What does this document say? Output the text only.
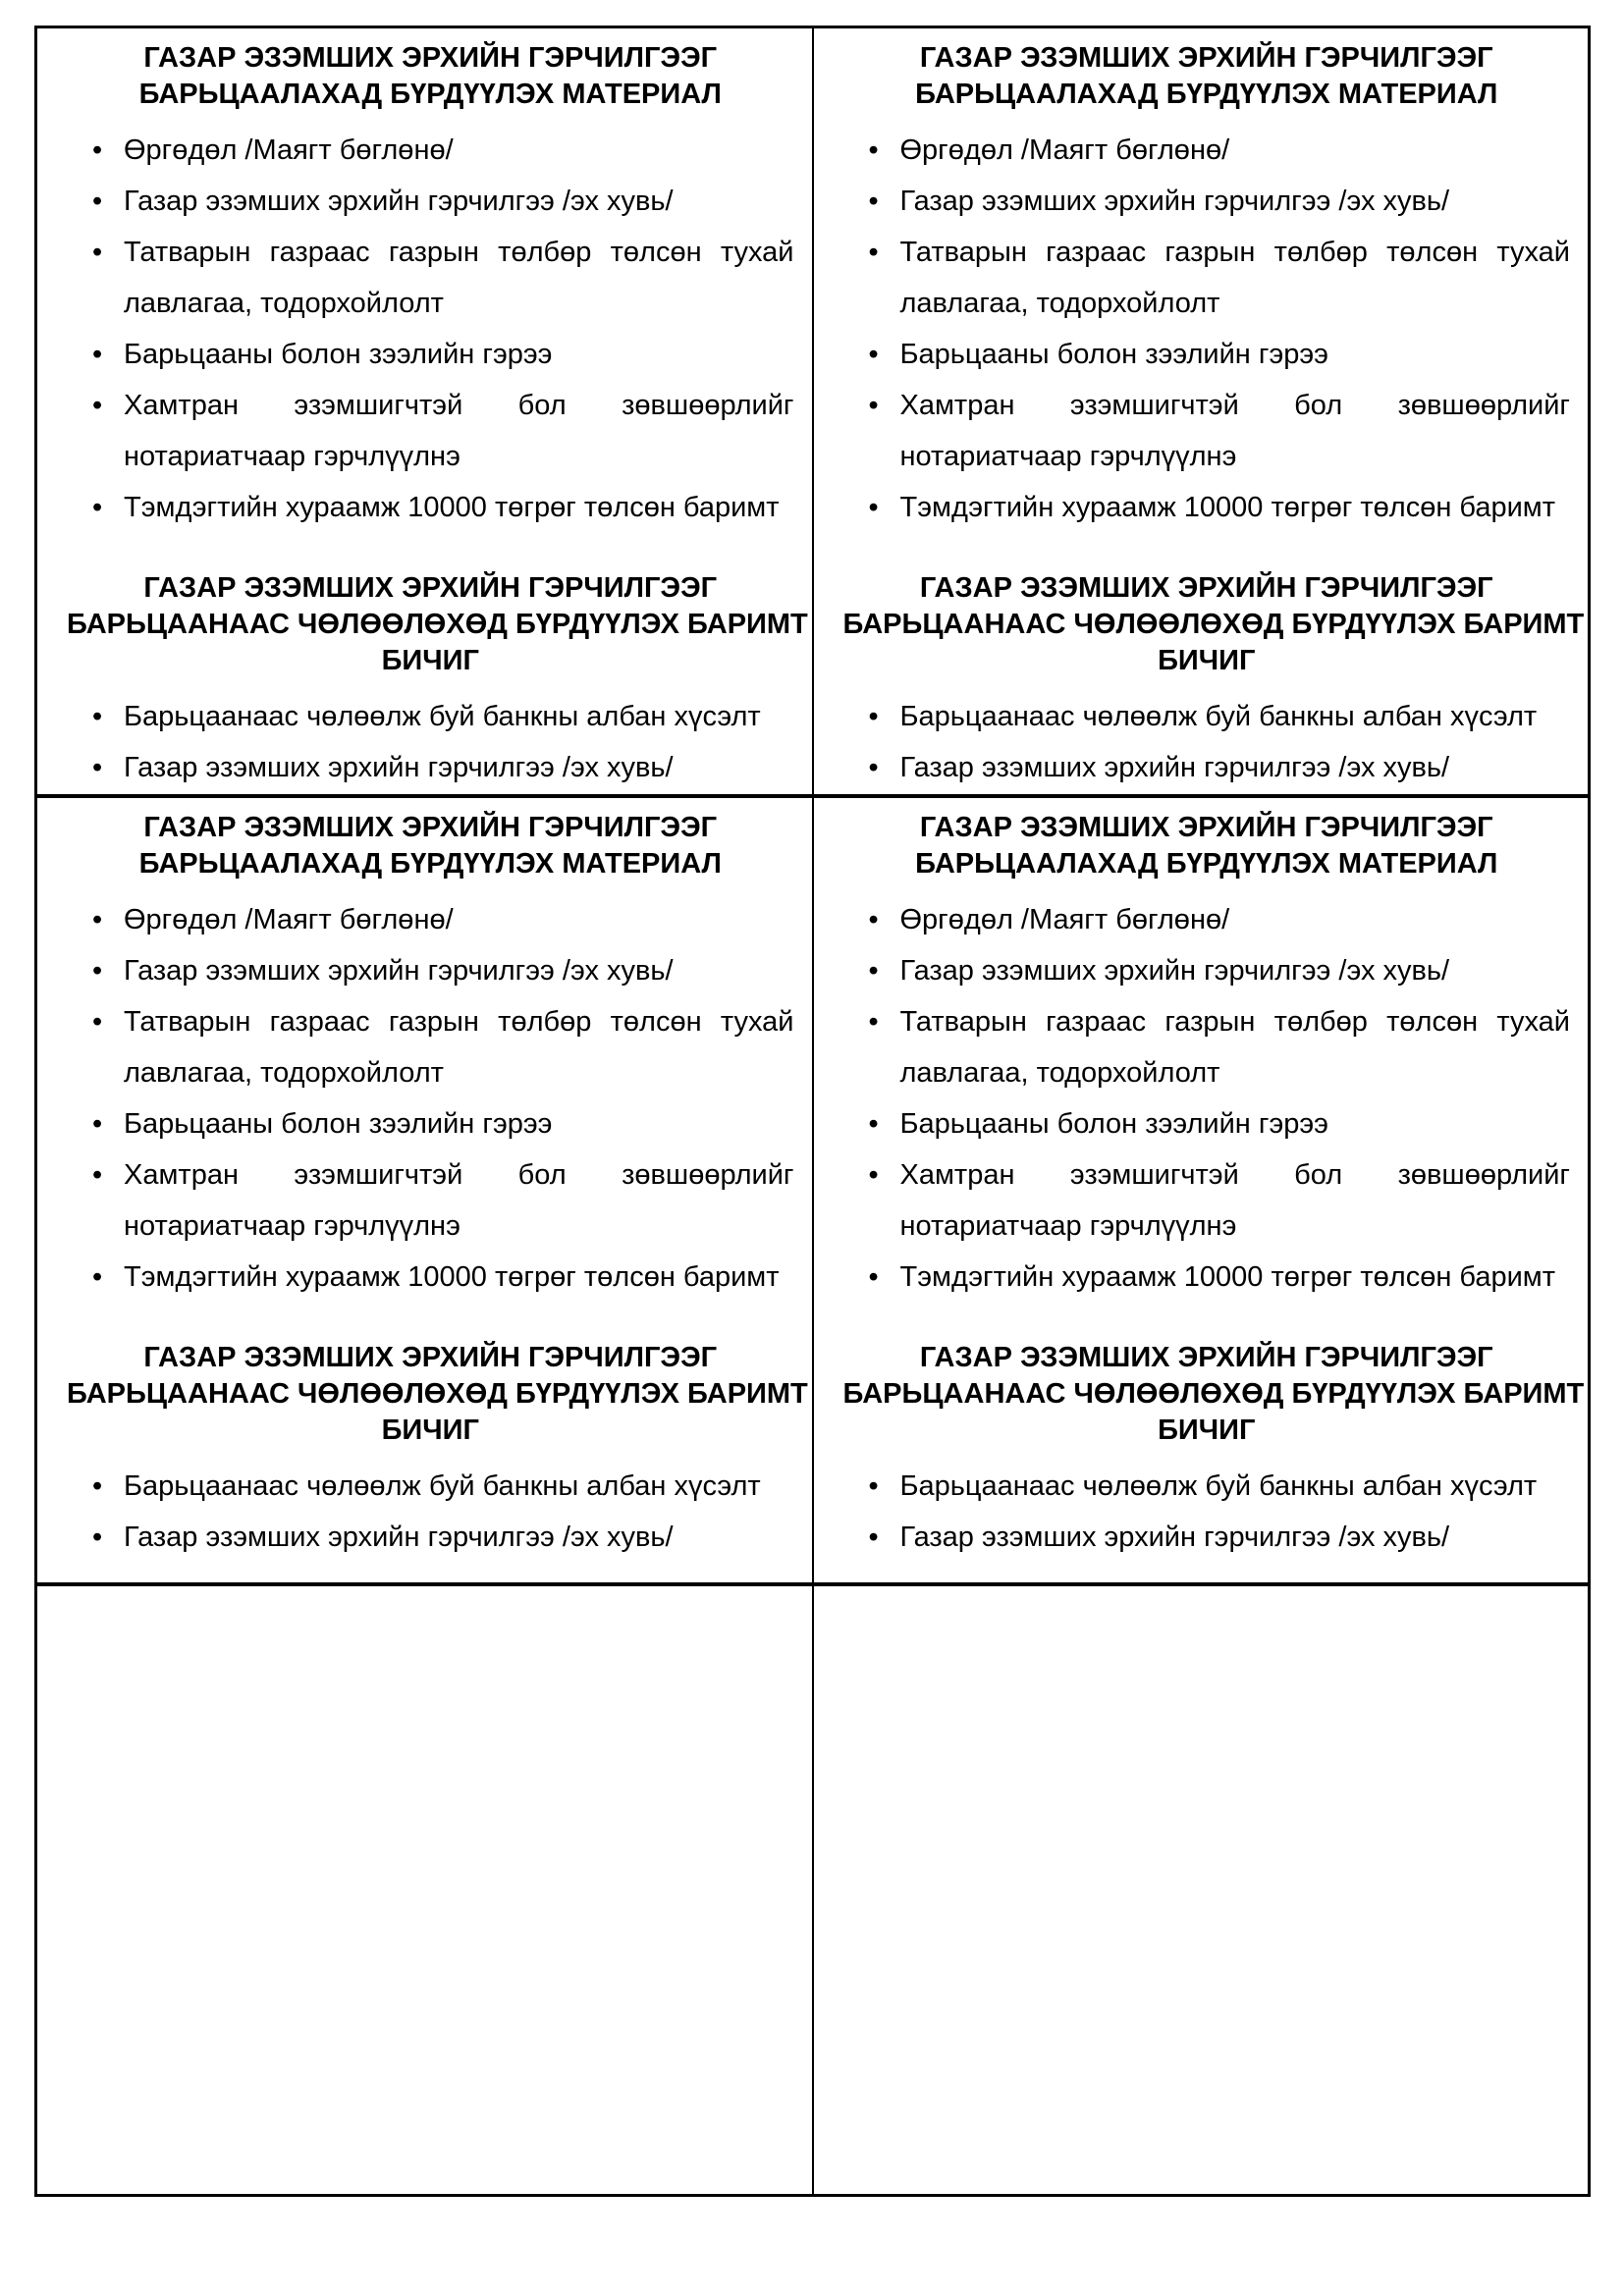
ГАЗАР ЭЗЭМШИХ ЭРХИЙН ГЭРЧИЛГЭЭГ
БАРЬЦААЛАХАД БҮРДҮҮЛЭХ МАТЕРИАЛ
• Өргөдөл /Маягт бөглөнө/
• Газар эзэмших эрхийн гэрчилгээ /эх хувь/
• Татварын газраас газрын төлбөр төлсөн тухай лавлагаа, тодорхойлолт
• Барьцааны болон зээлийн гэрээ
• Хамтран эзэмшигчтэй бол зөвшөөрлийг нотариатчаар гэрчлүүлнэ
• Тэмдэгтийн хураамж 10000 төгрөг төлсөн баримт
ГАЗАР ЭЗЭМШИХ ЭРХИЙН ГЭРЧИЛГЭЭГ
БАРЬЦААНААС ЧӨЛӨӨЛӨХӨД БҮРДҮҮЛЭХ БАРИМТ
БИЧИГ
• Барьцаанаас чөлөөлж буй банкны албан хүсэлт
• Газар эзэмших эрхийн гэрчилгээ /эх хувь/
ГАЗАР ЭЗЭМШИХ ЭРХИЙН ГЭРЧИЛГЭЭГ
БАРЬЦААЛАХАД БҮРДҮҮЛЭХ МАТЕРИАЛ
• Өргөдөл /Маягт бөглөнө/
• Газар эзэмших эрхийн гэрчилгээ /эх хувь/
• Татварын газраас газрын төлбөр төлсөн тухай лавлагаа, тодорхойлолт
• Барьцааны болон зээлийн гэрээ
• Хамтран эзэмшигчтэй бол зөвшөөрлийг нотариатчаар гэрчлүүлнэ
• Тэмдэгтийн хураамж 10000 төгрөг төлсөн баримт
ГАЗАР ЭЗЭМШИХ ЭРХИЙН ГЭРЧИЛГЭЭГ
БАРЬЦААНААС ЧӨЛӨӨЛӨХӨД БҮРДҮҮЛЭХ БАРИМТ
БИЧИГ
• Барьцаанаас чөлөөлж буй банкны албан хүсэлт
• Газар эзэмших эрхийн гэрчилгээ /эх хувь/
ГАЗАР ЭЗЭМШИХ ЭРХИЙН ГЭРЧИЛГЭЭГ
БАРЬЦААЛАХАД БҮРДҮҮЛЭХ МАТЕРИАЛ
• Өргөдөл /Маягт бөглөнө/
• Газар эзэмших эрхийн гэрчилгээ /эх хувь/
• Татварын газраас газрын төлбөр төлсөн тухай лавлагаа, тодорхойлолт
• Барьцааны болон зээлийн гэрээ
• Хамтран эзэмшигчтэй бол зөвшөөрлийг нотариатчаар гэрчлүүлнэ
• Тэмдэгтийн хураамж 10000 төгрөг төлсөн баримт
ГАЗАР ЭЗЭМШИХ ЭРХИЙН ГЭРЧИЛГЭЭГ
БАРЬЦААНААС ЧӨЛӨӨЛӨХӨД БҮРДҮҮЛЭХ БАРИМТ
БИЧИГ
• Барьцаанаас чөлөөлж буй банкны албан хүсэлт
• Газар эзэмших эрхийн гэрчилгээ /эх хувь/
ГАЗАР ЭЗЭМШИХ ЭРХИЙН ГЭРЧИЛГЭЭГ
БАРЬЦААЛАХАД БҮРДҮҮЛЭХ МАТЕРИАЛ
• Өргөдөл /Маягт бөглөнө/
• Газар эзэмших эрхийн гэрчилгээ /эх хувь/
• Татварын газраас газрын төлбөр төлсөн тухай лавлагаа, тодорхойлолт
• Барьцааны болон зээлийн гэрээ
• Хамтран эзэмшигчтэй бол зөвшөөрлийг нотариатчаар гэрчлүүлнэ
• Тэмдэгтийн хураамж 10000 төгрөг төлсөн баримт
ГАЗАР ЭЗЭМШИХ ЭРХИЙН ГЭРЧИЛГЭЭГ
БАРЬЦААНААС ЧӨЛӨӨЛӨХӨД БҮРДҮҮЛЭХ БАРИМТ
БИЧИГ
• Барьцаанаас чөлөөлж буй банкны албан хүсэлт
• Газар эзэмших эрхийн гэрчилгээ /эх хувь/
